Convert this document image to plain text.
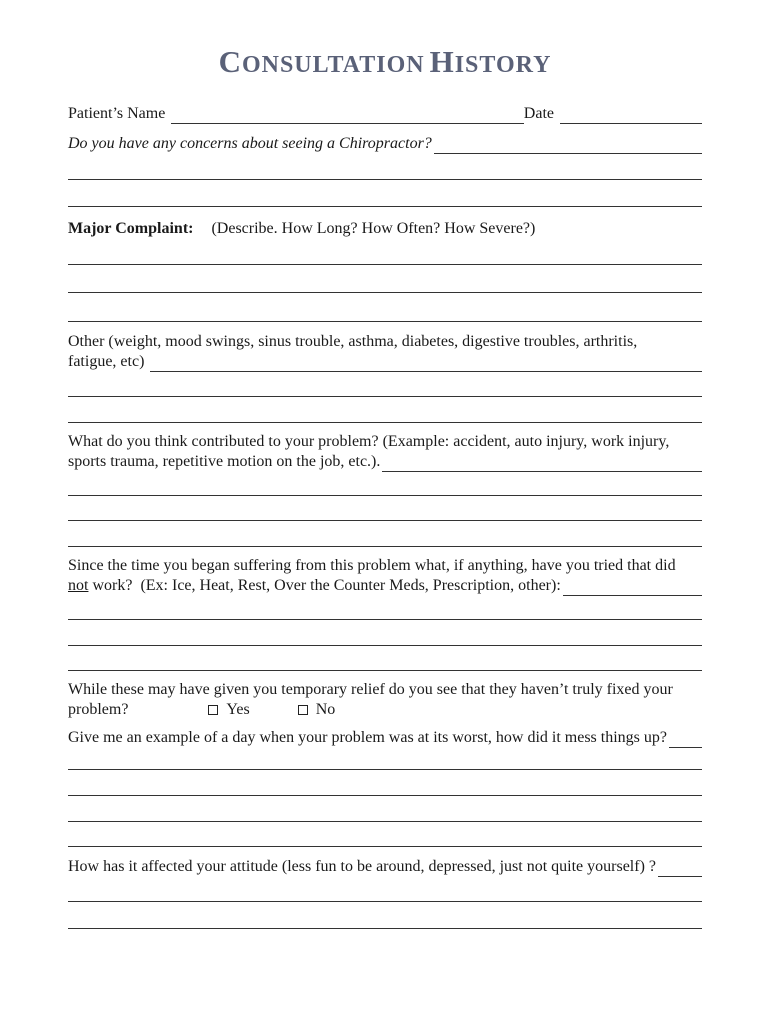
CONSULTATION HISTORY
Patient’s Name	Date
Do you have any concerns about seeing a Chiropractor?
Major Complaint: (Describe. How Long? How Often? How Severe?)
Other (weight, mood swings, sinus trouble, asthma, diabetes, digestive troubles, arthritis,
fatigue, etc)
What do you think contributed to your problem? (Example: accident, auto injury, work injury,
sports trauma, repetitive motion on the job, etc.).
Since the time you began suffering from this problem what, if anything, have you tried that did
not work?  (Ex: Ice, Heat, Rest, Over the Counter Meds, Prescription, other):
While these may have given you temporary relief do you see that they haven’t truly fixed your
problem?	Yes	No
Give me an example of a day when your problem was at its worst, how did it mess things up?
How has it affected your attitude (less fun to be around, depressed, just not quite yourself) ?
